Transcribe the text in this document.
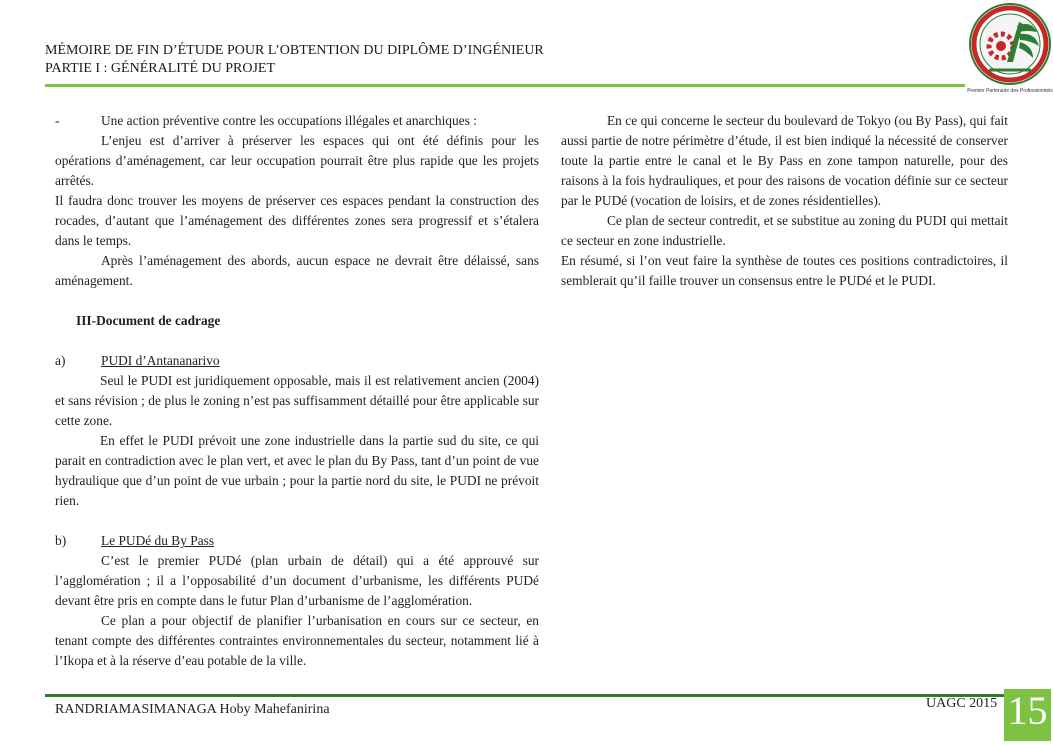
MÉMOIRE DE FIN D’ÉTUDE POUR L’OBTENTION DU DIPLÔME D’INGÉNIEUR
PARTIE I : GÉNÉRALITÉ DU PROJET
Premier Partenaire des Professionnels
-	Une action préventive contre les occupations illégales et anarchiques :

L’enjeu est d’arriver à préserver les espaces qui ont été définis pour les opérations d’aménagement, car leur occupation pourrait être plus rapide que les projets arrêtés.

Il faudra donc trouver les moyens de préserver ces espaces pendant la construction des rocades, d’autant que l’aménagement des différentes zones sera progressif et s’étalera dans le temps.

Après l’aménagement des abords, aucun espace ne devrait être délaissé, sans aménagement.

III-Document de cadrage

a)	PUDI d’Antananarivo

Seul le PUDI est juridiquement opposable, mais il est relativement ancien (2004) et sans révision ; de plus le zoning n’est pas suffisamment détaillé pour être applicable sur cette zone.

En effet le PUDI prévoit une zone industrielle dans la partie sud du site, ce qui parait en contradiction avec le plan vert, et avec le plan du By Pass, tant d’un point de vue hydraulique que d’un point de vue urbain ; pour la partie nord du site, le PUDI ne prévoit rien.

b)	Le PUDé du By Pass

C’est le premier PUDé (plan urbain de détail) qui a été approuvé sur l’agglomération ; il a l’opposabilité d’un document d’urbanisme, les différents PUDé devant être pris en compte dans le futur Plan d’urbanisme de l’agglomération.

Ce plan a pour objectif de planifier l’urbanisation en cours sur ce secteur, en tenant compte des différentes contraintes environnementales du secteur, notamment lié à l’Ikopa et à la réserve d’eau potable de la ville.

En ce qui concerne le secteur du boulevard de Tokyo (ou By Pass), qui fait aussi partie de notre périmètre d’étude, il est bien indiqué la nécessité de conserver toute la partie entre le canal et le By Pass en zone tampon naturelle, pour des raisons à la fois hydrauliques, et pour des raisons de vocation définie sur ce secteur par le PUDé (vocation de loisirs, et de zones résidentielles).

Ce plan de secteur contredit, et se substitue au zoning du PUDI qui mettait ce secteur en zone industrielle.

En résumé, si l’on veut faire la synthèse de toutes ces positions contradictoires, il semblerait qu’il faille trouver un consensus entre le PUDé et le PUDI.

RANDRIAMASIMANAGA Hoby Mahefanirina	UAGC 2015 15
